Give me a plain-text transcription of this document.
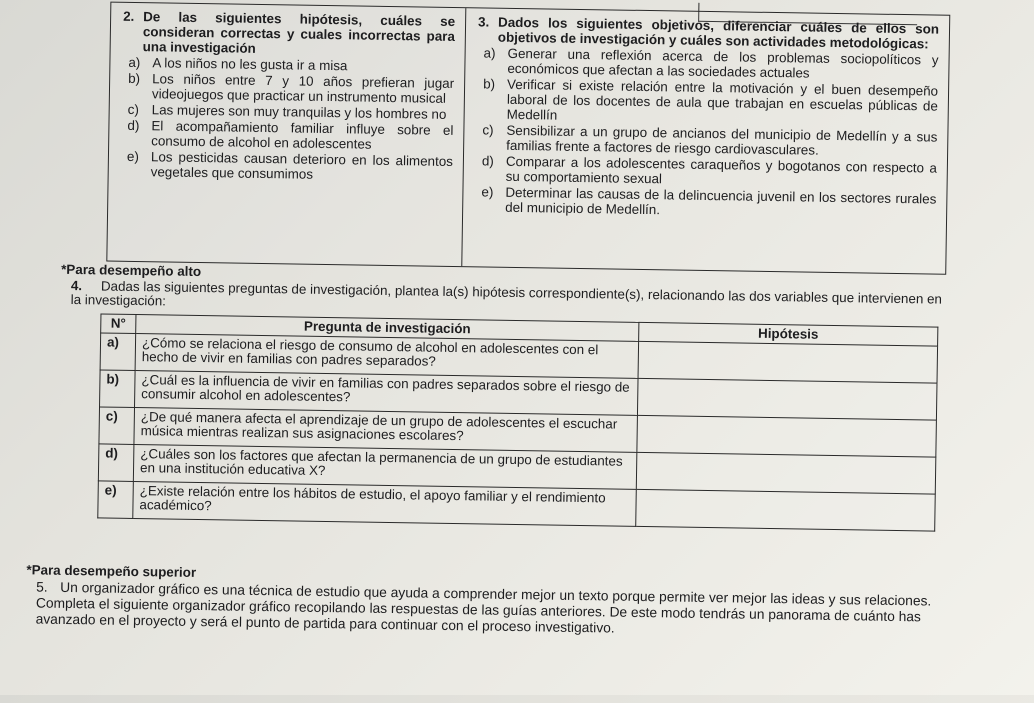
2. De las siguientes hipótesis, cuáles se consideran correctas y cuales incorrectas para una investigación
a) A los niños no les gusta ir a misa
b) Los niños entre 7 y 10 años prefieran jugar videojuegos que practicar un instrumento musical
c) Las mujeres son muy tranquilas y los hombres no
d) El acompañamiento familiar influye sobre el consumo de alcohol en adolescentes
e) Los pesticidas causan deterioro en los alimentos vegetales que consumimos
3. Dados los siguientes objetivos, diferenciar cuáles de ellos son objetivos de investigación y cuáles son actividades metodológicas:
a) Generar una reflexión acerca de los problemas sociopolíticos y económicos que afectan a las sociedades actuales
b) Verificar si existe relación entre la motivación y el buen desempeño laboral de los docentes de aula que trabajan en escuelas públicas de Medellín
c) Sensibilizar a un grupo de ancianos del municipio de Medellín y a sus familias frente a factores de riesgo cardiovasculares.
d) Comparar a los adolescentes caraqueños y bogotanos con respecto a su comportamiento sexual
e) Determinar las causas de la delincuencia juvenil en los sectores rurales del municipio de Medellín.
*Para desempeño alto
4. Dadas las siguientes preguntas de investigación, plantea la(s) hipótesis correspondiente(s), relacionando las dos variables que intervienen en la investigación:
N°	Pregunta de investigación	Hipótesis
a)	¿Cómo se relaciona el riesgo de consumo de alcohol en adolescentes con el hecho de vivir en familias con padres separados?	
b)	¿Cuál es la influencia de vivir en familias con padres separados sobre el riesgo de consumir alcohol en adolescentes?	
c)	¿De qué manera afecta el aprendizaje de un grupo de adolescentes el escuchar música mientras realizan sus asignaciones escolares?	
d)	¿Cuáles son los factores que afectan la permanencia de un grupo de estudiantes en una institución educativa X?	
e)	¿Existe relación entre los hábitos de estudio, el apoyo familiar y el rendimiento académico?	
*Para desempeño superior
5. Un organizador gráfico es una técnica de estudio que ayuda a comprender mejor un texto porque permite ver mejor las ideas y sus relaciones. Completa el siguiente organizador gráfico recopilando las respuestas de las guías anteriores. De este modo tendrás un panorama de cuánto has avanzado en el proyecto y será el punto de partida para continuar con el proceso investigativo.
